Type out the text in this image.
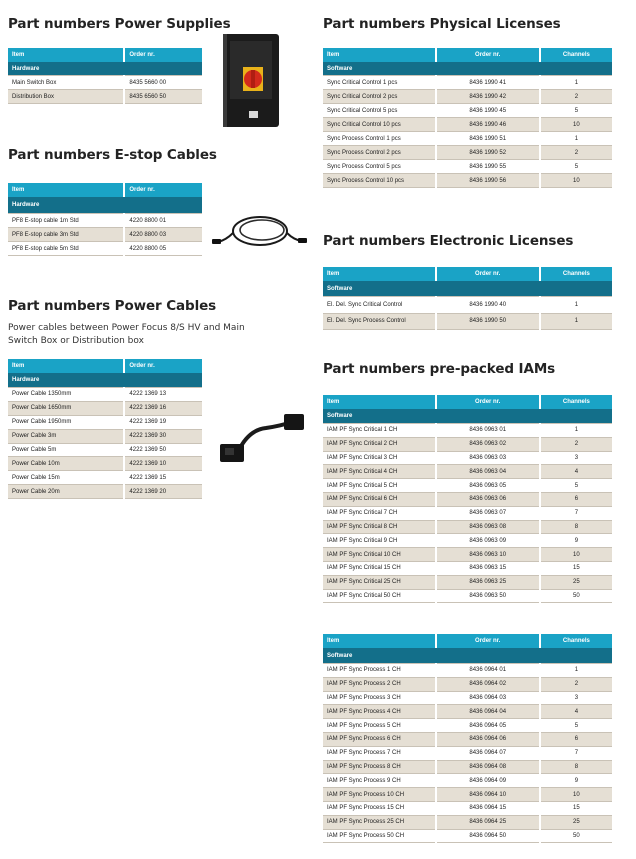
Part numbers Power Supplies
Item	Order nr.
Hardware	
Main Switch Box	8435 5660 00
Distribution Box	8435 6560 50
Part numbers E-stop Cables
Item	Order nr.
Hardware	
PF8 E-stop cable 1m Std	4220 8800 01
PF8 E-stop cable 3m Std	4220 8800 03
PF8 E-stop cable 5m Std	4220 8800 05
Part numbers Power Cables
Power cables between Power Focus 8/S HV and Main Switch Box or Distribution box
Item	Order nr.
Hardware	
Power Cable 1350mm	4222 1369 13
Power Cable 1650mm	4222 1369 16
Power Cable 1950mm	4222 1369 19
Power Cable 3m	4222 1369 30
Power Cable 5m	4222 1369 50
Power Cable 10m	4222 1369 10
Power Cable 15m	4222 1369 15
Power Cable 20m	4222 1369 20
Part numbers Physical Licenses
Item	Order nr.	Channels
Software		
Sync Critical Control 1 pcs	8436 1990 41	1
Sync Critical Control 2 pcs	8436 1990 42	2
Sync Critical Control 5 pcs	8436 1990 45	5
Sync Critical Control 10 pcs	8436 1990 46	10
Sync Process Control 1 pcs	8436 1990 51	1
Sync Process Control 2 pcs	8436 1990 52	2
Sync Process Control 5 pcs	8436 1990 55	5
Sync Process Control 10 pcs	8436 1990 56	10
Part numbers Electronic Licenses
Item	Order nr.	Channels
Software		
El. Del. Sync Critical Control	8436 1990 40	1
El. Del. Sync Process Control	8436 1990 50	1
Part numbers pre-packed IAMs
Item	Order nr.	Channels
Software		
IAM PF Sync Critical 1 CH	8436 0963 01	1
IAM PF Sync Critical 2 CH	8436 0963 02	2
IAM PF Sync Critical 3 CH	8436 0963 03	3
IAM PF Sync Critical 4 CH	8436 0963 04	4
IAM PF Sync Critical 5 CH	8436 0963 05	5
IAM PF Sync Critical 6 CH	8436 0963 06	6
IAM PF Sync Critical 7 CH	8436 0963 07	7
IAM PF Sync Critical 8 CH	8436 0963 08	8
IAM PF Sync Critical 9 CH	8436 0963 09	9
IAM PF Sync Critical 10 CH	8436 0963 10	10
IAM PF Sync Critical 15 CH	8436 0963 15	15
IAM PF Sync Critical 25 CH	8436 0963 25	25
IAM PF Sync Critical 50 CH	8436 0963 50	50
Item	Order nr.	Channels
Software		
IAM PF Sync Process 1 CH	8436 0964 01	1
IAM PF Sync Process 2 CH	8436 0964 02	2
IAM PF Sync Process 3 CH	8436 0964 03	3
IAM PF Sync Process 4 CH	8436 0964 04	4
IAM PF Sync Process 5 CH	8436 0964 05	5
IAM PF Sync Process 6 CH	8436 0964 06	6
IAM PF Sync Process 7 CH	8436 0964 07	7
IAM PF Sync Process 8 CH	8436 0964 08	8
IAM PF Sync Process 9 CH	8436 0964 09	9
IAM PF Sync Process 10 CH	8436 0964 10	10
IAM PF Sync Process 15 CH	8436 0964 15	15
IAM PF Sync Process 25 CH	8436 0964 25	25
IAM PF Sync Process 50 CH	8436 0964 50	50
